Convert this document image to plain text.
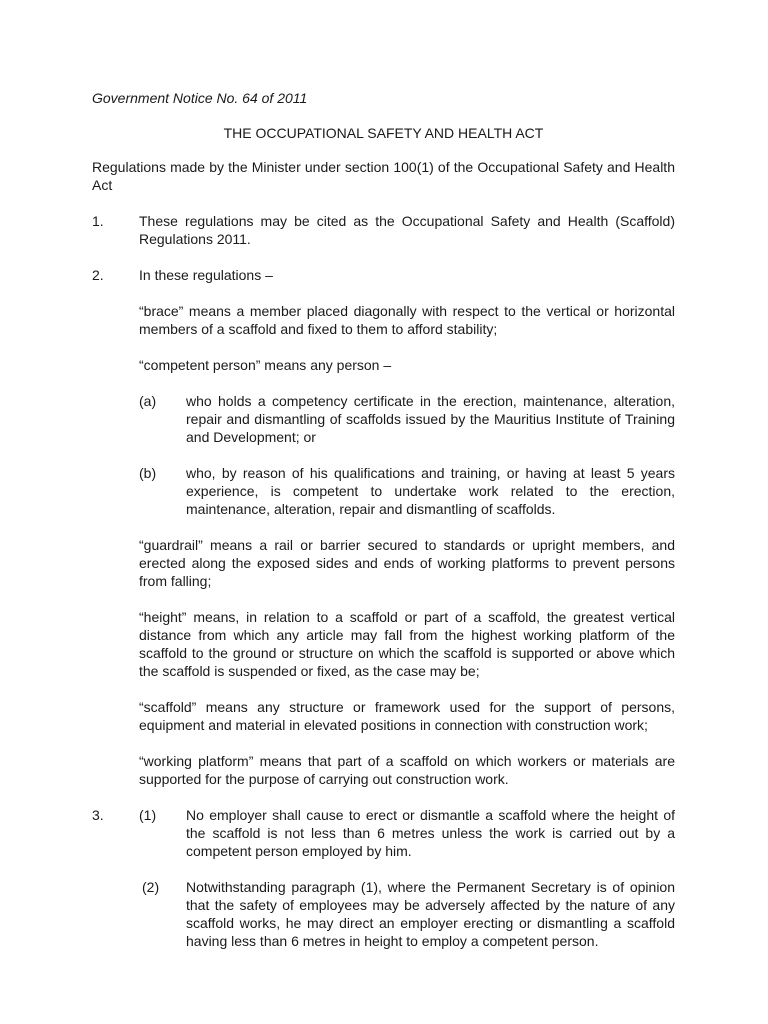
Government Notice No. 64 of 2011
THE OCCUPATIONAL SAFETY AND HEALTH ACT
Regulations made by the Minister under section 100(1) of the Occupational Safety and Health Act
1.	These regulations may be cited as the Occupational Safety and Health (Scaffold) Regulations 2011.
2.	In these regulations –
“brace” means a member placed diagonally with respect to the vertical or horizontal members of a scaffold and fixed to them to afford stability;
“competent person” means any person –
(a)	who holds a competency certificate in the erection, maintenance, alteration, repair and dismantling of scaffolds issued by the Mauritius Institute of Training and Development; or
(b)	who, by reason of his qualifications and training, or having at least 5 years experience, is competent to undertake work related to the erection, maintenance, alteration, repair and dismantling of scaffolds.
“guardrail” means a rail or barrier secured to standards or upright members, and erected along the exposed sides and ends of working platforms to prevent persons from falling;
“height” means, in relation to a scaffold or part of a scaffold, the greatest vertical distance from which any article may fall from the highest working platform of the scaffold to the ground or structure on which the scaffold is supported or above which the scaffold is suspended or fixed, as the case may be;
“scaffold” means any structure or framework used for the support of persons, equipment and material in elevated positions in connection with construction work;
“working platform” means that part of a scaffold on which workers or materials are supported for the purpose of carrying out construction work.
3.	(1)	No employer shall cause to erect or dismantle a scaffold where the height of the scaffold is not less than 6 metres unless the work is carried out by a competent person employed by him.
(2)	Notwithstanding paragraph (1), where the Permanent Secretary is of opinion that the safety of employees may be adversely affected by the nature of any scaffold works, he may direct an employer erecting or dismantling a scaffold having less than 6 metres in height to employ a competent person.
